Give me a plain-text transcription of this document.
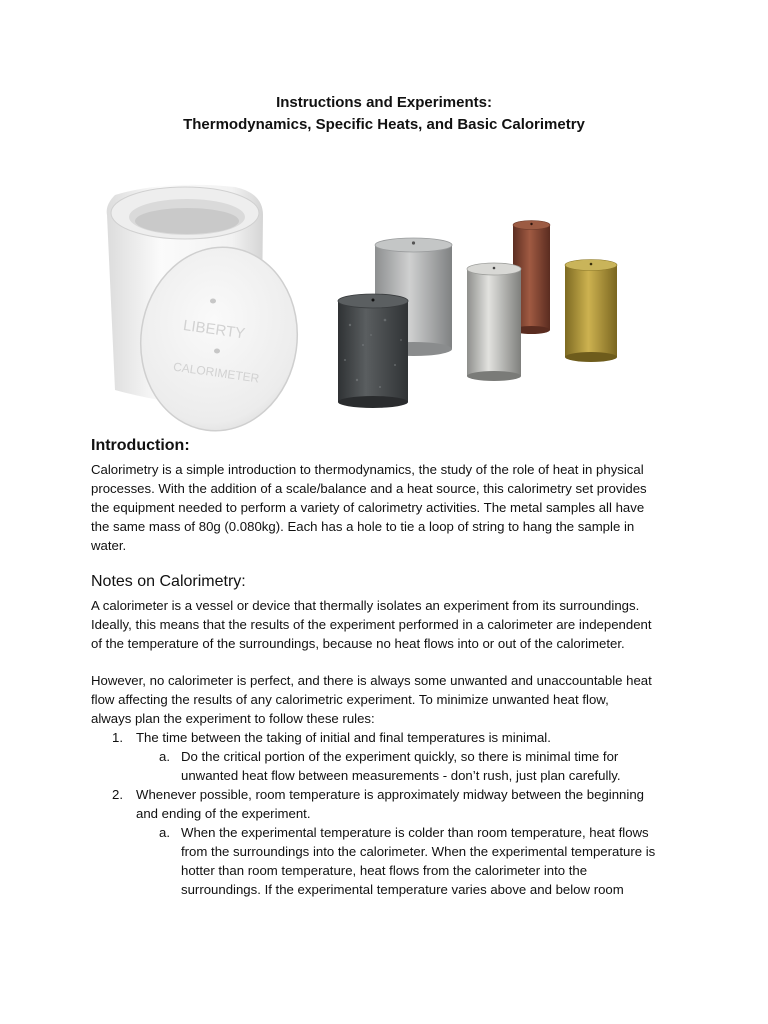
Instructions and Experiments:
Thermodynamics, Specific Heats, and Basic Calorimetry
LIBERTY
CALORIMETER
Introduction:
Calorimetry is a simple introduction to thermodynamics, the study of the role of heat in physical
processes. With the addition of a scale/balance and a heat source, this calorimetry set provides
the equipment needed to perform a variety of calorimetry activities. The metal samples all have
the same mass of 80g (0.080kg). Each has a hole to tie a loop of string to hang the sample in
water.
Notes on Calorimetry:
A calorimeter is a vessel or device that thermally isolates an experiment from its surroundings.
Ideally, this means that the results of the experiment performed in a calorimeter are independent
of the temperature of the surroundings, because no heat flows into or out of the calorimeter.
However, no calorimeter is perfect, and there is always some unwanted and unaccountable heat
flow affecting the results of any calorimetric experiment. To minimize unwanted heat flow,
always plan the experiment to follow these rules:
1. The time between the taking of initial and final temperatures is minimal.
a. Do the critical portion of the experiment quickly, so there is minimal time for
unwanted heat flow between measurements - don’t rush, just plan carefully.
2. Whenever possible, room temperature is approximately midway between the beginning
and ending of the experiment.
a. When the experimental temperature is colder than room temperature, heat flows
from the surroundings into the calorimeter. When the experimental temperature is
hotter than room temperature, heat flows from the calorimeter into the
surroundings. If the experimental temperature varies above and below room
